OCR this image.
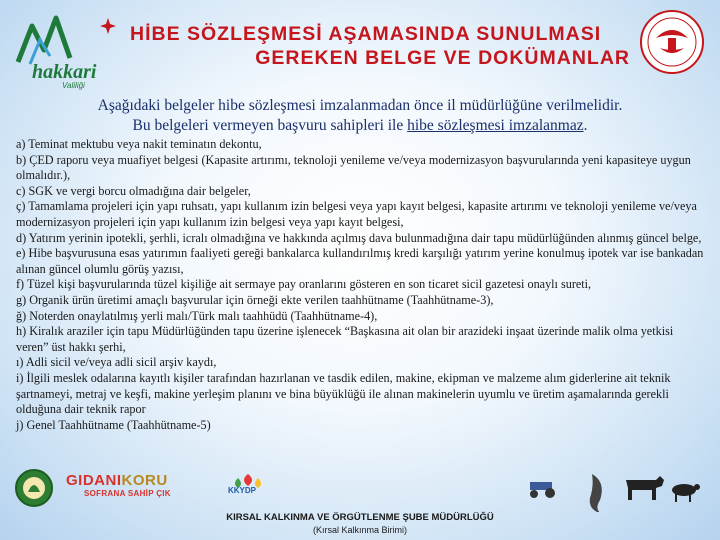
hakkari
Valiliği
HİBE SÖZLEŞMESİ AŞAMASINDA SUNULMASI
GEREKEN BELGE VE DOKÜMANLAR
Aşağıdaki belgeler hibe sözleşmesi imzalanmadan önce il müdürlüğüne verilmelidir.
Bu belgeleri vermeyen başvuru sahipleri ile hibe sözleşmesi imzalanmaz.
a) Teminat mektubu veya nakit teminatın dekontu,
b) ÇED raporu veya muafiyet belgesi (Kapasite artırımı, teknoloji yenileme ve/veya modernizasyon başvurularında yeni kapasiteye uygun olmalıdır.),
c) SGK ve vergi borcu olmadığına dair belgeler,
ç) Tamamlama projeleri için yapı ruhsatı, yapı kullanım izin belgesi veya yapı kayıt belgesi, kapasite artırımı ve teknoloji yenileme ve/veya modernizasyon projeleri için yapı kullanım izin belgesi veya yapı kayıt belgesi,
d) Yatırım yerinin ipotekli, şerhli, icralı olmadığına ve hakkında açılmış dava bulunmadığına dair tapu müdürlüğünden alınmış güncel belge,
e) Hibe başvurusuna esas yatırımın faaliyeti gereği bankalarca kullandırılmış kredi karşılığı yatırım yerine konulmuş ipotek var ise bankadan alınan güncel olumlu görüş yazısı,
f) Tüzel kişi başvurularında tüzel kişiliğe ait sermaye pay oranlarını gösteren en son ticaret sicil gazetesi onaylı sureti,
g) Organik ürün üretimi amaçlı başvurular için örneği ekte verilen taahhütname (Taahhütname-3),
ğ) Noterden onaylatılmış yerli malı/Türk malı taahhüdü (Taahhütname-4),
h) Kiralık araziler için tapu Müdürlüğünden tapu üzerine işlenecek “Başkasına ait olan bir arazideki inşaat üzerinde malik olma yetkisi veren” üst hakkı şerhi,
ı) Adli sicil ve/veya adli sicil arşiv kaydı,
i) İlgili meslek odalarına kayıtlı kişiler tarafından hazırlanan ve tasdik edilen, makine, ekipman ve malzeme alım giderlerine ait teknik şartnameyi, metraj ve keşfi, makine yerleşim planını ve bina büyüklüğü ile alınan makinelerin uyumlu ve üretim aşamalarında gerekli olduğuna dair teknik rapor
j) Genel Taahhütname (Taahhütname-5)
GIDANIKORU
SOFRANA SAHİP ÇIK	KKYDP
KIRSAL KALKINMA VE ÖRGÜTLENME ŞUBE MÜDÜRLÜĞÜ
(Kırsal Kalkınma Birimi)
